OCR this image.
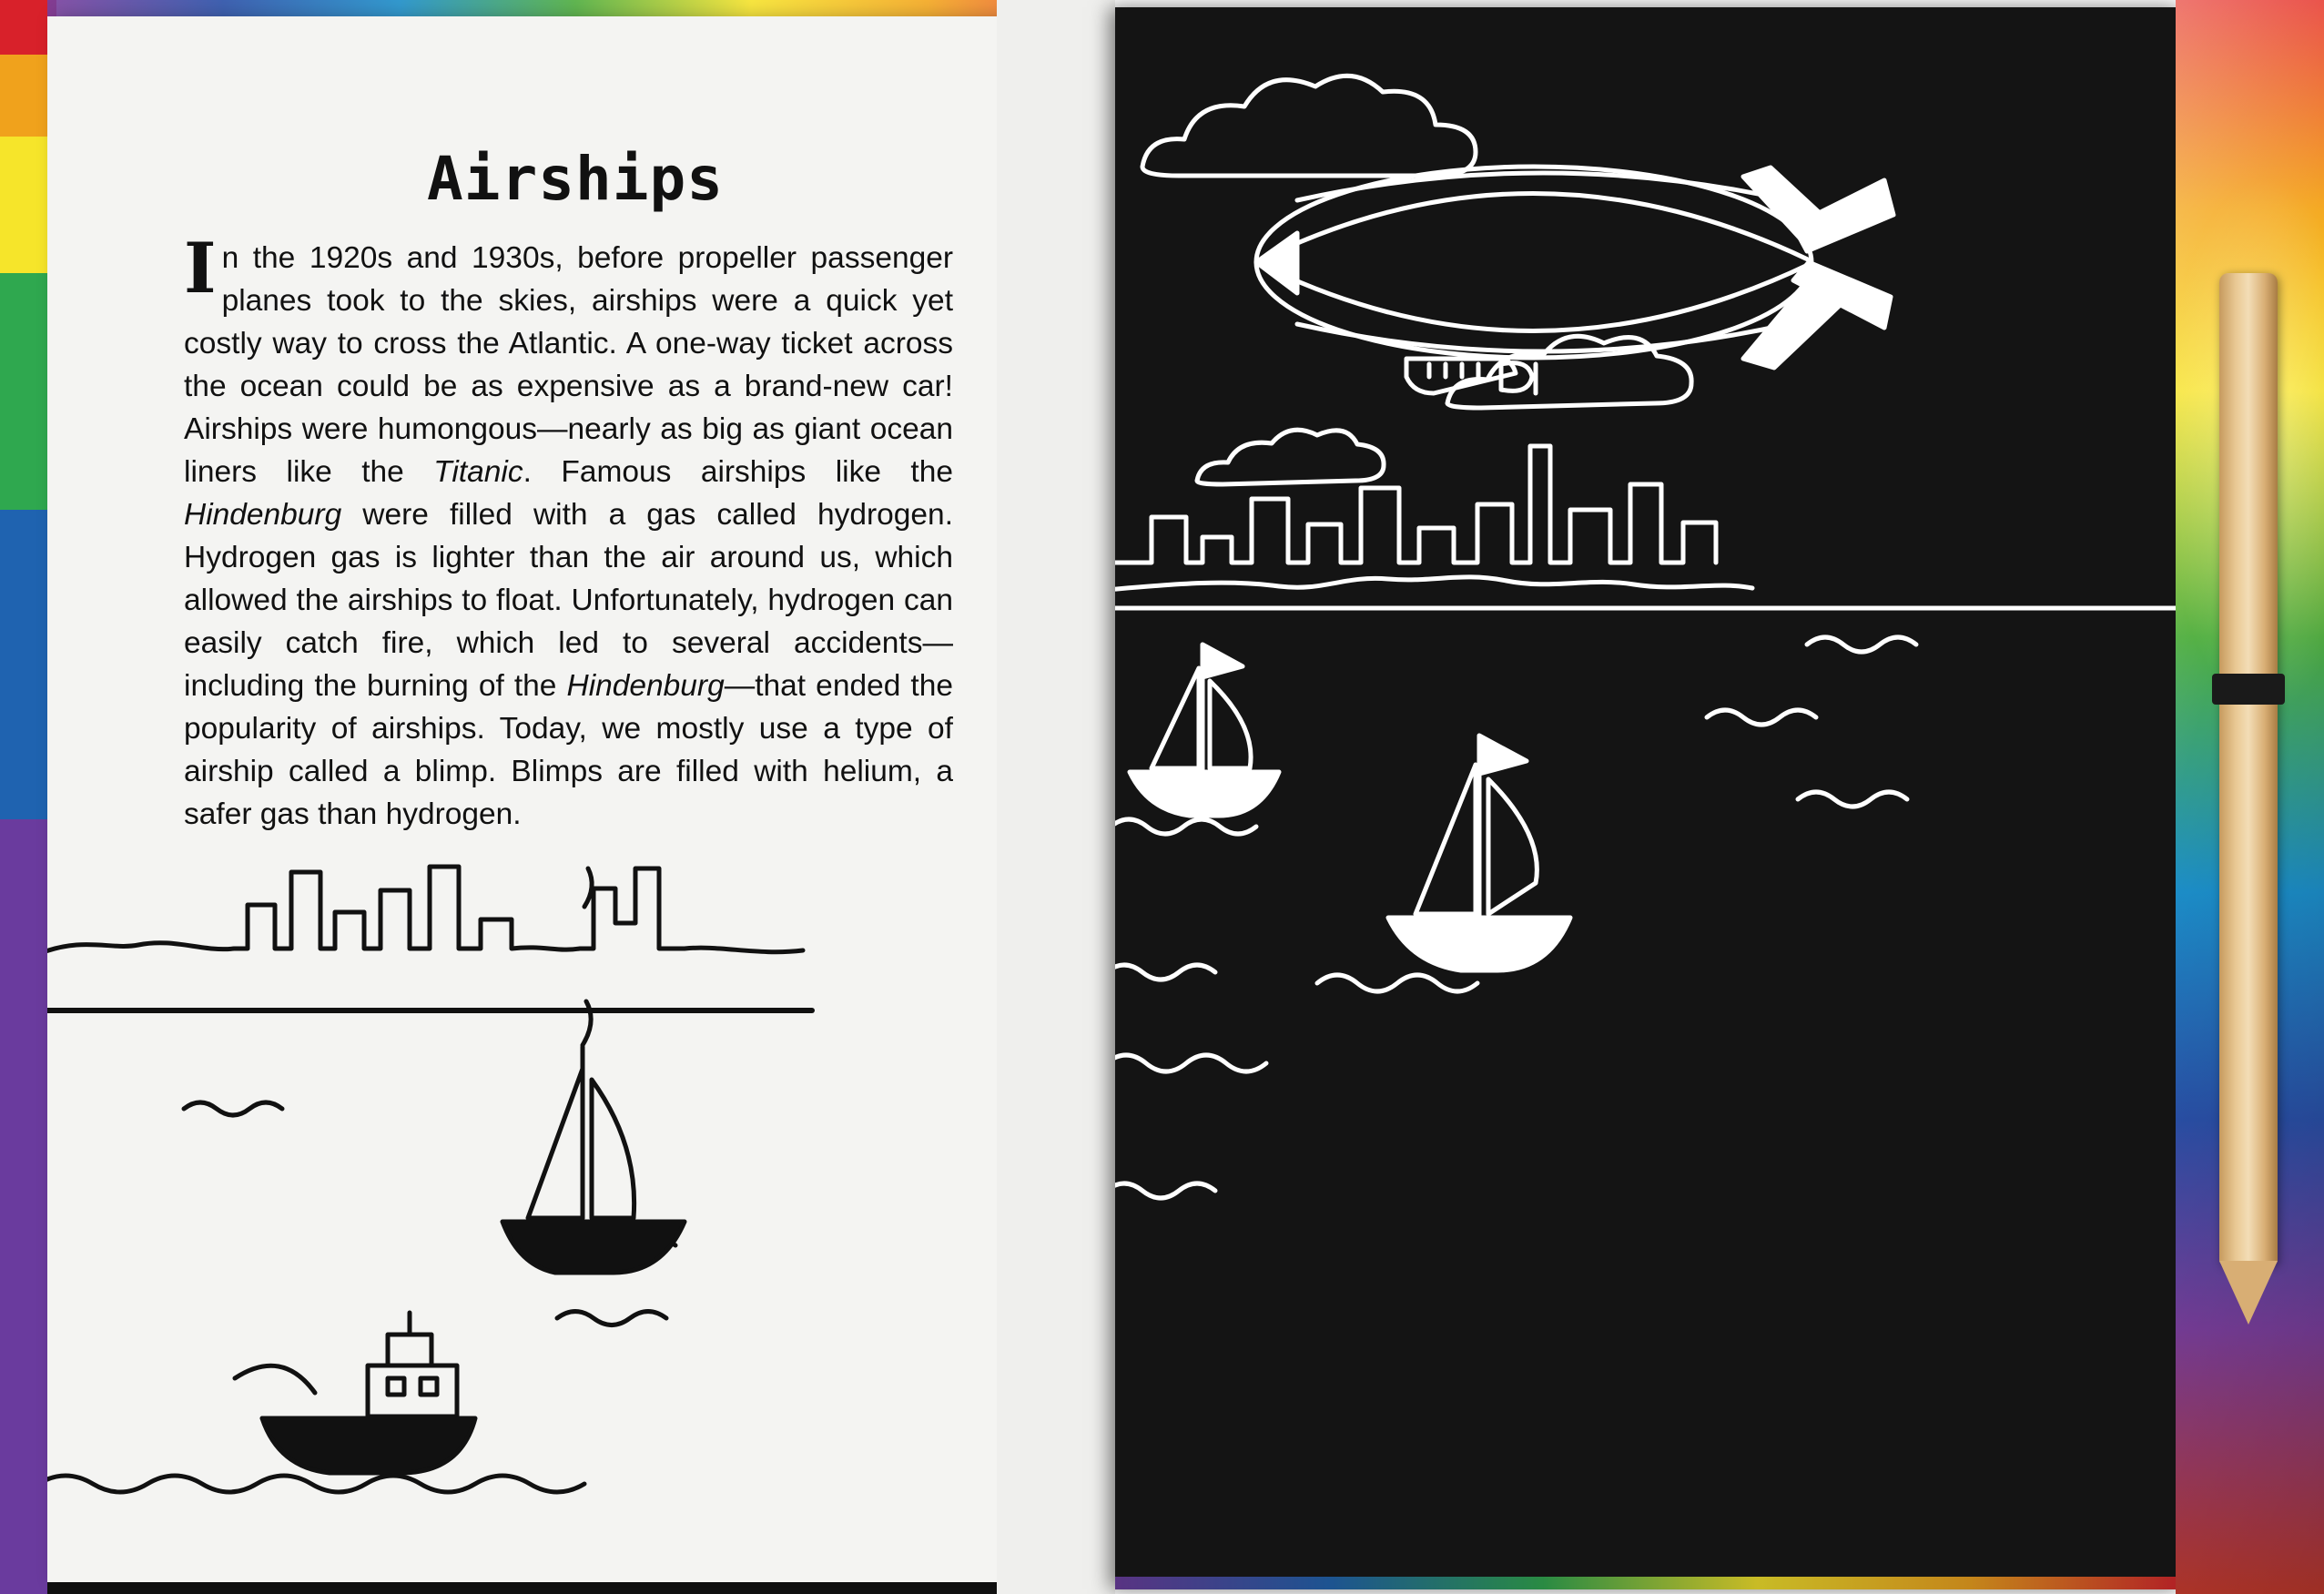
Airships
In the 1920s and 1930s, before propeller passenger planes took to the skies, airships were a quick yet costly way to cross the Atlantic. A one-way ticket across the ocean could be as expensive as a brand-new car! Airships were humongous—nearly as big as giant ocean liners like the Titanic. Famous airships like the Hindenburg were filled with a gas called hydrogen. Hydrogen gas is lighter than the air around us, which allowed the airships to float. Unfortunately, hydrogen can easily catch fire, which led to several accidents—including the burning of the Hindenburg—that ended the popularity of airships. Today, we mostly use a type of airship called a blimp. Blimps are filled with helium, a safer gas than hydrogen.
